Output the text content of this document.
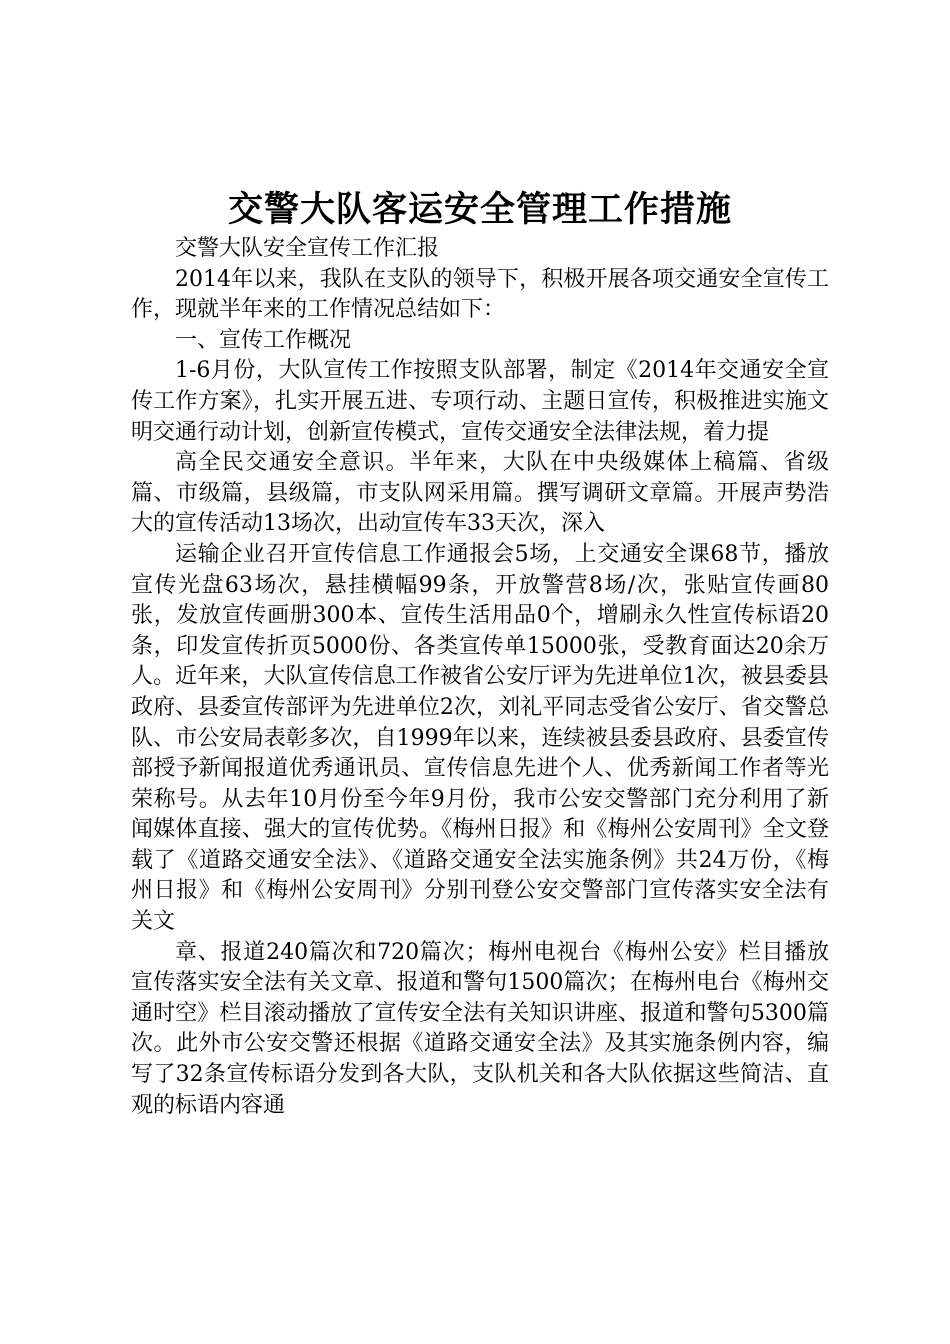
交警大队客运安全管理工作措施

交警大队安全宣传工作汇报

2014年以来，我队在支队的领导下，积极开展各项交通安全宣传工作，现就半年来的工作情况总结如下：

一、宣传工作概况

1-6月份，大队宣传工作按照支队部署，制定《2014年交通安全宣传工作方案》，扎实开展五进、专项行动、主题日宣传，积极推进实施文明交通行动计划，创新宣传模式，宣传交通安全法律法规，着力提

高全民交通安全意识。半年来，大队在中央级媒体上稿篇、省级篇、市级篇，县级篇，市支队网采用篇。撰写调研文章篇。开展声势浩大的宣传活动13场次，出动宣传车33天次，深入

运输企业召开宣传信息工作通报会5场，上交通安全课68节，播放宣传光盘63场次，悬挂横幅99条，开放警营8场/次，张贴宣传画80张，发放宣传画册300本、宣传生活用品0个，增刷永久性宣传标语20条，印发宣传折页5000份、各类宣传单15000张，受教育面达20余万人。近年来，大队宣传信息工作被省公安厅评为先进单位1次，被县委县政府、县委宣传部评为先进单位2次，刘礼平同志受省公安厅、省交警总队、市公安局表彰多次，自1999年以来，连续被县委县政府、县委宣传部授予新闻报道优秀通讯员、宣传信息先进个人、优秀新闻工作者等光荣称号。从去年10月份至今年9月份，我市公安交警部门充分利用了新闻媒体直接、强大的宣传优势。《梅州日报》和《梅州公安周刊》全文登载了《道路交通安全法》、《道路交通安全法实施条例》共24万份，《梅州日报》和《梅州公安周刊》分别刊登公安交警部门宣传落实安全法有关文

章、报道240篇次和720篇次；梅州电视台《梅州公安》栏目播放宣传落实安全法有关文章、报道和警句1500篇次；在梅州电台《梅州交通时空》栏目滚动播放了宣传安全法有关知识讲座、报道和警句5300篇次。此外市公安交警还根据《道路交通安全法》及其实施条例内容，编写了32条宣传标语分发到各大队，支队机关和各大队依据这些简洁、直观的标语内容通
